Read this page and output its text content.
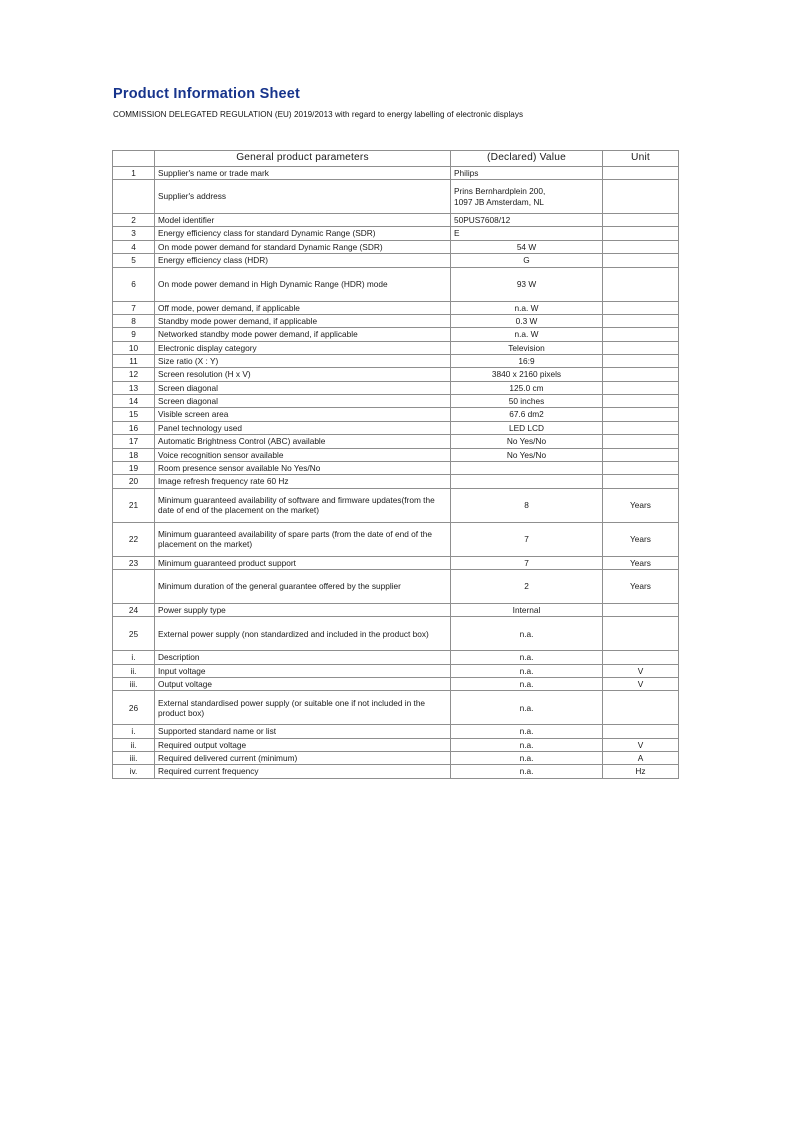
Product Information Sheet
COMMISSION DELEGATED REGULATION (EU) 2019/2013 with regard to energy labelling of electronic displays
	General product parameters	(Declared) Value	Unit
1	Supplier's name or trade mark	Philips	
	Supplier's address	Prins Bernhardplein 200,
1097 JB Amsterdam, NL	
2	Model identifier	50PUS7608/12	
3	Energy efficiency class for standard Dynamic Range (SDR)	E	
4	On mode power demand for standard Dynamic Range (SDR)	54 W	
5	Energy efficiency class (HDR)	G	
6	On mode power demand in High Dynamic Range (HDR) mode	93 W	
7	Off mode, power demand, if applicable	n.a. W	
8	Standby mode power demand, if applicable	0.3 W	
9	Networked standby mode power demand, if applicable	n.a. W	
10	Electronic display category	Television	
11	Size ratio (X : Y)	16:9	
12	Screen resolution (H x V)	3840 x 2160 pixels	
13	Screen diagonal	125.0 cm	
14	Screen diagonal	50 inches	
15	Visible screen area	67.6 dm2	
16	Panel technology used	LED LCD	
17	Automatic Brightness Control (ABC) available	No Yes/No	
18	Voice recognition sensor available	No Yes/No	
19	Room presence sensor available No Yes/No		
20	Image refresh frequency rate 60 Hz		
21	Minimum guaranteed availability of software and firmware updates(from the date of end of the placement on the market)	8	Years
22	Minimum guaranteed availability of spare parts (from the date of end of the placement on the market)	7	Years
23	Minimum guaranteed product support	7	Years
	Minimum duration of the general guarantee offered by the supplier	2	Years
24	Power supply type	Internal	
25	External power supply (non standardized and included in the product box)	n.a.	
i.	Description	n.a.	
ii.	Input voltage	n.a.	V
iii.	Output voltage	n.a.	V
26	External standardised power supply (or suitable one if not included in the product box)	n.a.	
i.	Supported standard name or list	n.a.	
ii.	Required output voltage	n.a.	V
iii.	Required delivered current (minimum)	n.a.	A
iv.	Required current frequency	n.a.	Hz
